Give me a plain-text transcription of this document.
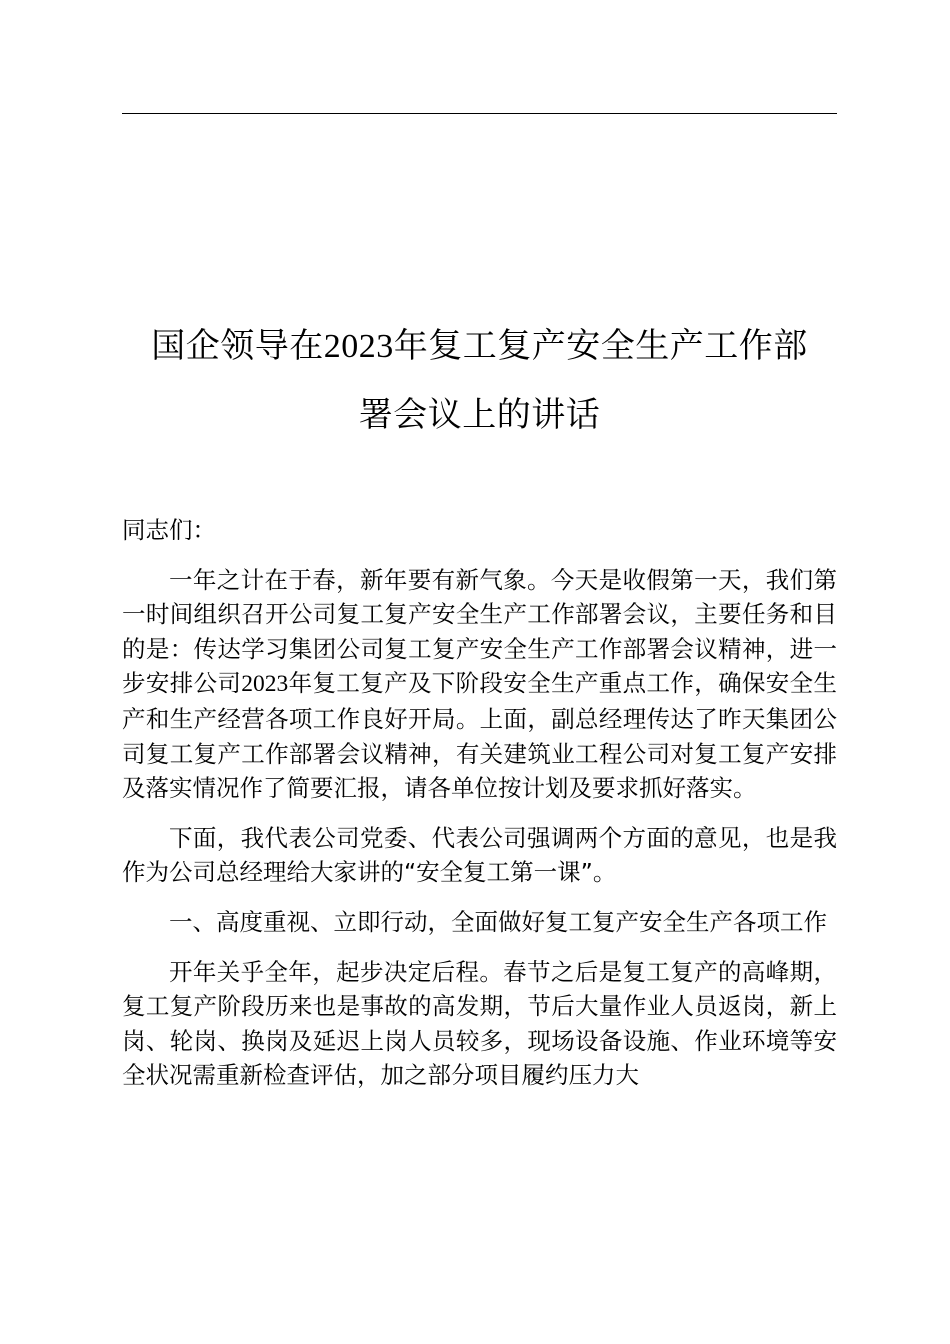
国企领导在2023年复工复产安全生产工作部
署会议上的讲话
同志们：

一年之计在于春，新年要有新气象。今天是收假第一天，我们第一时间组织召开公司复工复产安全生产工作部署会议，主要任务和目的是：传达学习集团公司复工复产安全生产工作部署会议精神，进一步安排公司2023年复工复产及下阶段安全生产重点工作，确保安全生产和生产经营各项工作良好开局。上面，副总经理传达了昨天集团公司复工复产工作部署会议精神，有关建筑业工程公司对复工复产安排及落实情况作了简要汇报，请各单位按计划及要求抓好落实。

下面，我代表公司党委、代表公司强调两个方面的意见，也是我作为公司总经理给大家讲的“安全复工第一课”。

一、高度重视、立即行动，全面做好复工复产安全生产各项工作

开年关乎全年，起步决定后程。春节之后是复工复产的高峰期，复工复产阶段历来也是事故的高发期，节后大量作业人员返岗，新上岗、轮岗、换岗及延迟上岗人员较多，现场设备设施、作业环境等安全状况需重新检查评估，加之部分项目履约压力大
